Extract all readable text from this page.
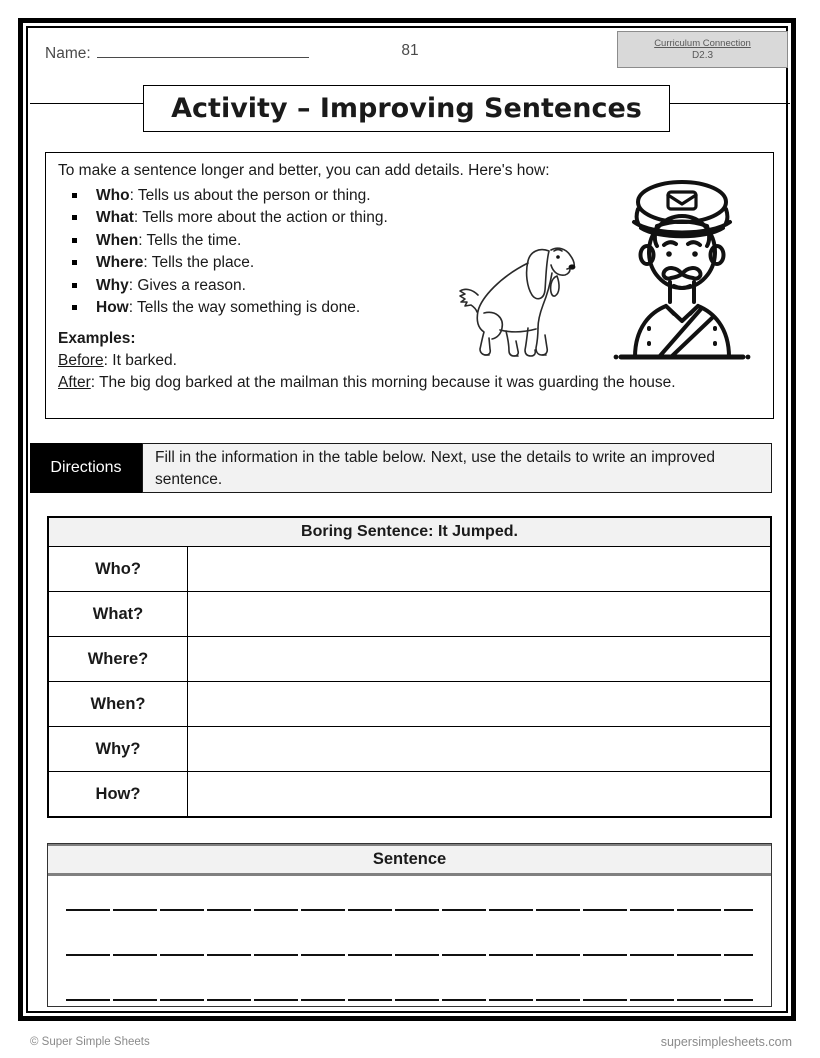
Name:	81	Curriculum Connection
D2.3
Activity – Improving Sentences
To make a sentence longer and better, you can add details. Here's how:
Who: Tells us about the person or thing.
What: Tells more about the action or thing.
When: Tells the time.
Where: Tells the place.
Why: Gives a reason.
How: Tells the way something is done.
Examples:
Before: It barked.
After: The big dog barked at the mailman this morning because it was guarding the house.
Directions
Fill in the information in the table below. Next, use the details to write an improved sentence.
Boring Sentence: It Jumped.
Who?
What?
Where?
When?
Why?
How?
Sentence
© Super Simple Sheets	supersimplesheets.com
